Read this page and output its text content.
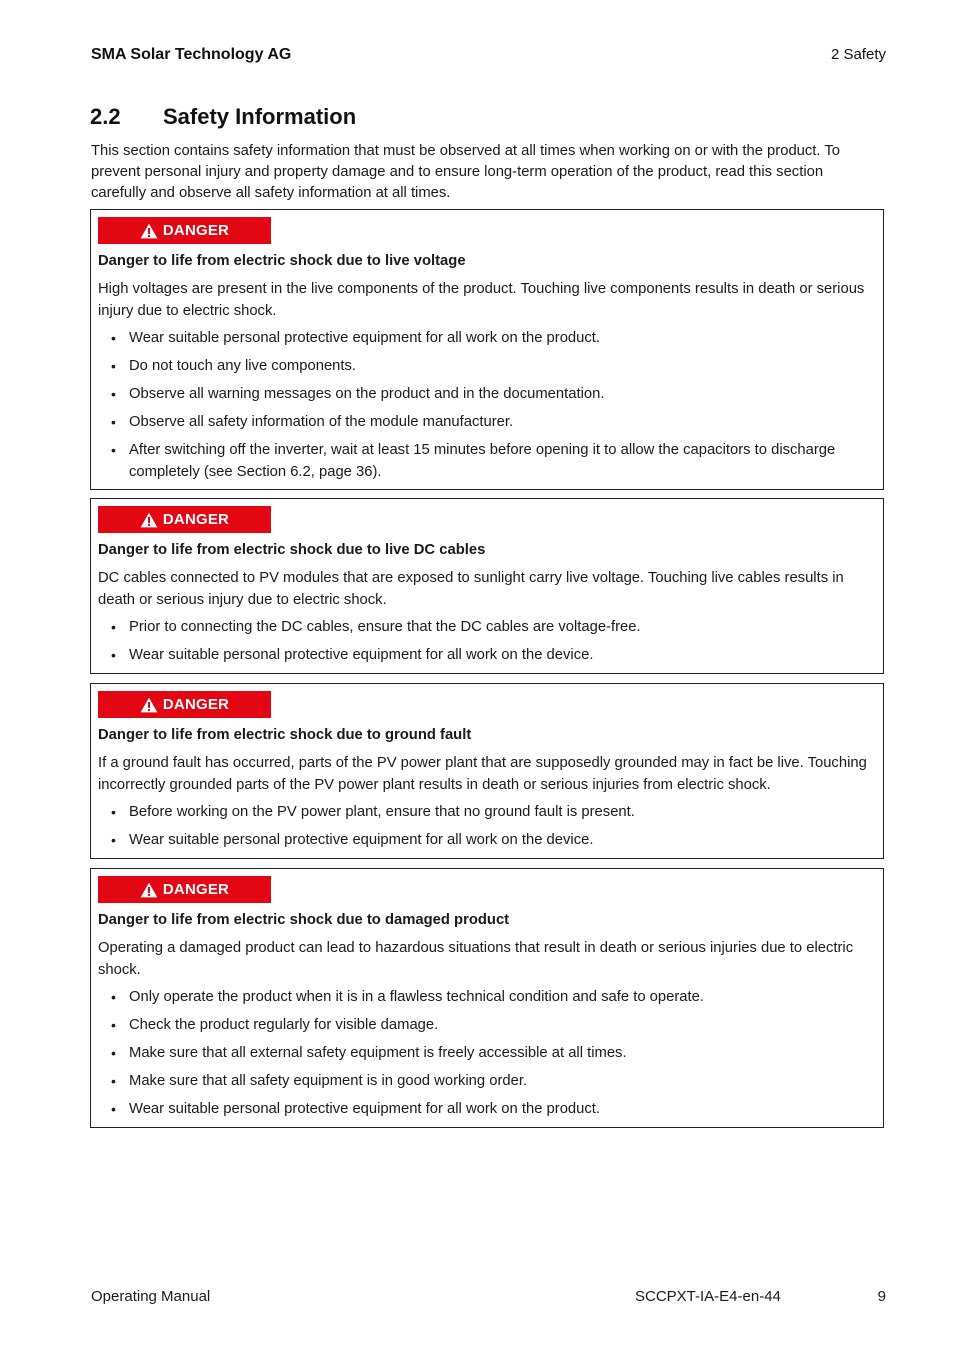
SMA Solar Technology AG	2 Safety
2.2 Safety Information

This section contains safety information that must be observed at all times when working on or with the product. To prevent personal injury and property damage and to ensure long-term operation of the product, read this section carefully and observe all safety information at all times.

DANGER
Danger to life from electric shock due to live voltage

High voltages are present in the live components of the product. Touching live components results in death or serious injury due to electric shock.

• Wear suitable personal protective equipment for all work on the product.
• Do not touch any live components.
• Observe all warning messages on the product and in the documentation.
• Observe all safety information of the module manufacturer.
• After switching off the inverter, wait at least 15 minutes before opening it to allow the capacitors to discharge completely (see Section 6.2, page 36).
DANGER
Danger to life from electric shock due to live DC cables

DC cables connected to PV modules that are exposed to sunlight carry live voltage. Touching live cables results in death or serious injury due to electric shock.

• Prior to connecting the DC cables, ensure that the DC cables are voltage-free.
• Wear suitable personal protective equipment for all work on the device.
DANGER
Danger to life from electric shock due to ground fault

If a ground fault has occurred, parts of the PV power plant that are supposedly grounded may in fact be live. Touching incorrectly grounded parts of the PV power plant results in death or serious injuries from electric shock.

• Before working on the PV power plant, ensure that no ground fault is present.
• Wear suitable personal protective equipment for all work on the device.
DANGER
Danger to life from electric shock due to damaged product

Operating a damaged product can lead to hazardous situations that result in death or serious injuries due to electric shock.

• Only operate the product when it is in a flawless technical condition and safe to operate.
• Check the product regularly for visible damage.
• Make sure that all external safety equipment is freely accessible at all times.
• Make sure that all safety equipment is in good working order.
• Wear suitable personal protective equipment for all work on the product.
Operating Manual	SCCPXT-IA-E4-en-44	9
